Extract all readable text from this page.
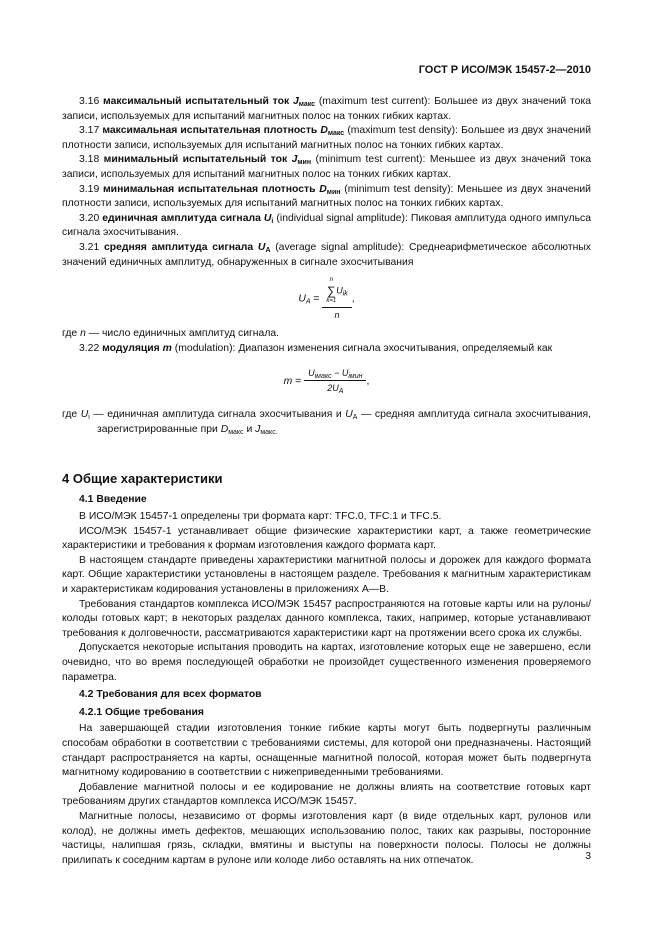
ГОСТ Р ИСО/МЭК 15457-2—2010

3.16 максимальный испытательный ток $J_{макс}$ (maximum test current): Большее из двух значений тока записи, используемых для испытаний магнитных полос на тонких гибких картах.

3.17 максимальная испытательная плотность $D_{макс}$ (maximum test density): Большее из двух значений плотности записи, используемых для испытаний магнитных полос на тонких гибких картах.

3.18 минимальный испытательный ток $J_{мин}$ (minimum test current): Меньшее из двух значений тока записи, используемых для испытаний магнитных полос на тонких гибких картах.

3.19 минимальная испытательная плотность $D_{мин}$ (minimum test density): Меньшее из двух значений плотности записи, используемых для испытаний магнитных полос на тонких гибких картах.

3.20 единичная амплитуда сигнала $U_i$ (individual signal amplitude): Пиковая амплитуда одного импульса сигнала эхосчитывания.

3.21 средняя амплитуда сигнала $U_A$ (average signal amplitude): Среднеарифметическое абсолютных значений единичных амплитуд, обнаруженных в сигнале эхосчитывания

$U_A = n$
∑
k=1
$U_{ik}$
n ,

где n — число единичных амплитуд сигнала.

3.22 модуляция m (modulation): Диапазон изменения сигнала эхосчитывания, определяемый как

$m = \frac{U_{iмакс} - U_{iмин}}{2U_A}$ ,

где $U_i$ — единичная амплитуда сигнала эхосчитывания и $U_A$ — средняя амплитуда сигнала эхосчитывания, зарегистрированные при $D_{макс}$ и $J_{макс.}$

4 Общие характеристики
4.1 Введение

В ИСО/МЭК 15457-1 определены три формата карт: TFC.0, TFC.1 и TFC.5.

ИСО/МЭК 15457-1 устанавливает общие физические характеристики карт, а также геометрические характеристики и требования к формам изготовления каждого формата карт.

В настоящем стандарте приведены характеристики магнитной полосы и дорожек для каждого формата карт. Общие характеристики установлены в настоящем разделе. Требования к магнитным характеристикам и характеристикам кодирования установлены в приложениях А—В.

Требования стандартов комплекса ИСО/МЭК 15457 распространяются на готовые карты или на рулоны/колоды готовых карт; в некоторых разделах данного комплекса, таких, например, которые устанавливают требования к долговечности, рассматриваются характеристики карт на протяжении всего срока их службы.

Допускается некоторые испытания проводить на картах, изготовление которых еще не завершено, если очевидно, что во время последующей обработки не произойдет существенного изменения проверяемого параметра.

4.2 Требования для всех форматов
4.2.1 Общие требования

На завершающей стадии изготовления тонкие гибкие карты могут быть подвергнуты различным способам обработки в соответствии с требованиями системы, для которой они предназначены. Настоящий стандарт распространяется на карты, оснащенные магнитной полосой, которая может быть подвергнута магнитному кодированию в соответствии с нижеприведенными требованиями.

Добавление магнитной полосы и ее кодирование не должны влиять на соответствие готовых карт требованиям других стандартов комплекса ИСО/МЭК 15457.

Магнитные полосы, независимо от формы изготовления карт (в виде отдельных карт, рулонов или колод), не должны иметь дефектов, мешающих использованию полос, таких как разрывы, посторонние частицы, налипшая грязь, складки, вмятины и выступы на поверхности полосы. Полосы не должны прилипать к соседним картам в рулоне или колоде либо оставлять на них отпечаток.	3
